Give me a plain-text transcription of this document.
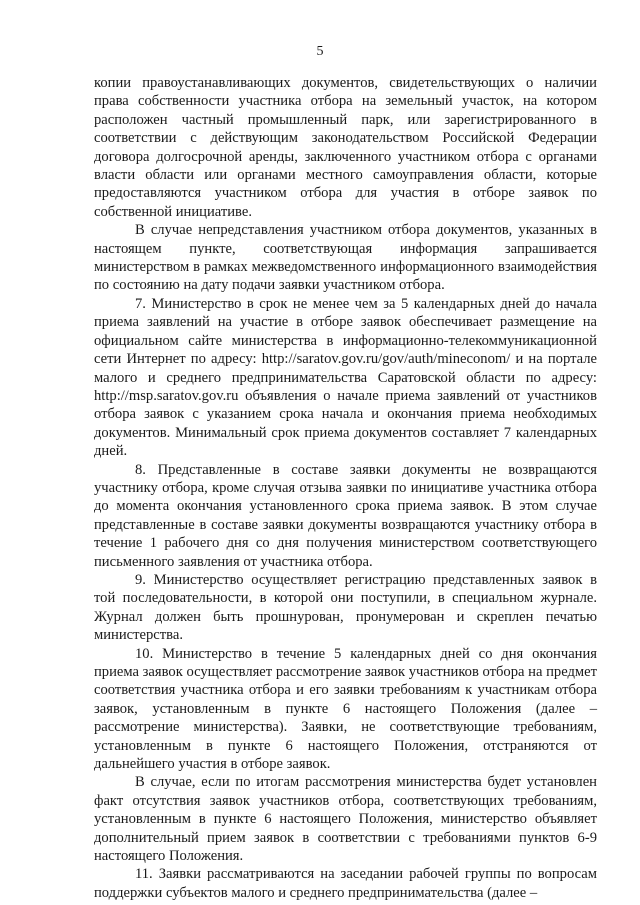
5

копии правоустанавливающих документов, свидетельствующих о наличии права собственности участника отбора на земельный участок, на котором расположен частный промышленный парк, или зарегистрированного в соответствии с действующим законодательством Российской Федерации договора долгосрочной аренды, заключенного участником отбора с органами власти области или органами местного самоуправления области, которые предоставляются участником отбора для участия в отборе заявок по собственной инициативе.

В случае непредставления участником отбора документов, указанных в настоящем пункте, соответствующая информация запрашивается министерством в рамках межведомственного информационного взаимодействия по состоянию на дату подачи заявки участником отбора.

7. Министерство в срок не менее чем за 5 календарных дней до начала приема заявлений на участие в отборе заявок обеспечивает размещение на официальном сайте министерства в информационно-телекоммуникационной сети Интернет по адресу: http://saratov.gov.ru/gov/auth/mineconom/ и на портале малого и среднего предпринимательства Саратовской области по адресу: http://msp.saratov.gov.ru объявления о начале приема заявлений от участников отбора заявок с указанием срока начала и окончания приема необходимых документов. Минимальный срок приема документов составляет 7 календарных дней.

8. Представленные в составе заявки документы не возвращаются участнику отбора, кроме случая отзыва заявки по инициативе участника отбора до момента окончания установленного срока приема заявок. В этом случае представленные в составе заявки документы возвращаются участнику отбора в течение 1 рабочего дня со дня получения министерством соответствующего письменного заявления от участника отбора.

9. Министерство осуществляет регистрацию представленных заявок в той последовательности, в которой они поступили, в специальном журнале. Журнал должен быть прошнурован, пронумерован и скреплен печатью министерства.

10. Министерство в течение 5 календарных дней со дня окончания приема заявок осуществляет рассмотрение заявок участников отбора на предмет соответствия участника отбора и его заявки требованиям к участникам отбора заявок, установленным в пункте 6 настоящего Положения (далее – рассмотрение министерства). Заявки, не соответствующие требованиям, установленным в пункте 6 настоящего Положения, отстраняются от дальнейшего участия в отборе заявок.

В случае, если по итогам рассмотрения министерства будет установлен факт отсутствия заявок участников отбора, соответствующих требованиям, установленным в пункте 6 настоящего Положения, министерство объявляет дополнительный прием заявок в соответствии с требованиями пунктов 6-9 настоящего Положения.

11. Заявки рассматриваются на заседании рабочей группы по вопросам поддержки субъектов малого и среднего предпринимательства (далее –
